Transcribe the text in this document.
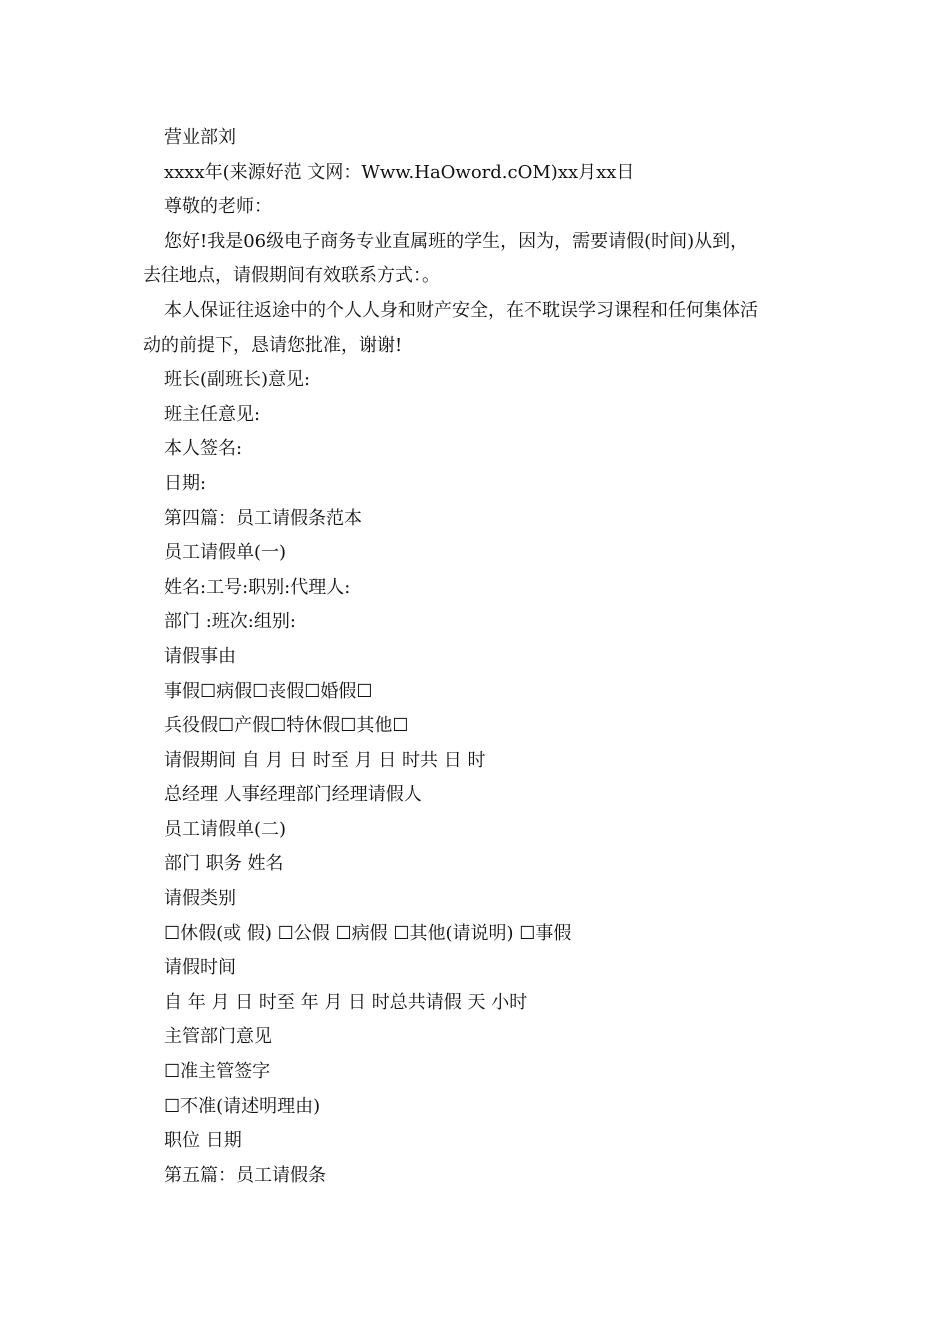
营业部刘
xxxx年(来源好范 文网：Www.HaOword.cOM)xx月xx日
尊敬的老师：
您好!我是06级电子商务专业直属班的学生，因为，需要请假(时间)从到，
去往地点，请假期间有效联系方式：。
本人保证往返途中的个人人身和财产安全，在不耽误学习课程和任何集体活
动的前提下，恳请您批准，谢谢!
班长(副班长)意见:
班主任意见:
本人签名:
日期:
第四篇：员工请假条范本
员工请假单(一)
姓名:工号:职别:代理人:
部门 :班次:组别:
请假事由
事假☐病假☐丧假☐婚假☐
兵役假☐产假☐特休假☐其他☐
请假期间 自 月 日 时至 月 日 时共 日 时
总经理 人事经理部门经理请假人
员工请假单(二)
部门 职务 姓名
请假类别
☐休假(或 假) ☐公假 ☐病假 ☐其他(请说明) ☐事假
请假时间
自 年 月 日 时至 年 月 日 时总共请假 天 小时
主管部门意见
☐准主管签字
☐不准(请述明理由)
职位 日期
第五篇：员工请假条
